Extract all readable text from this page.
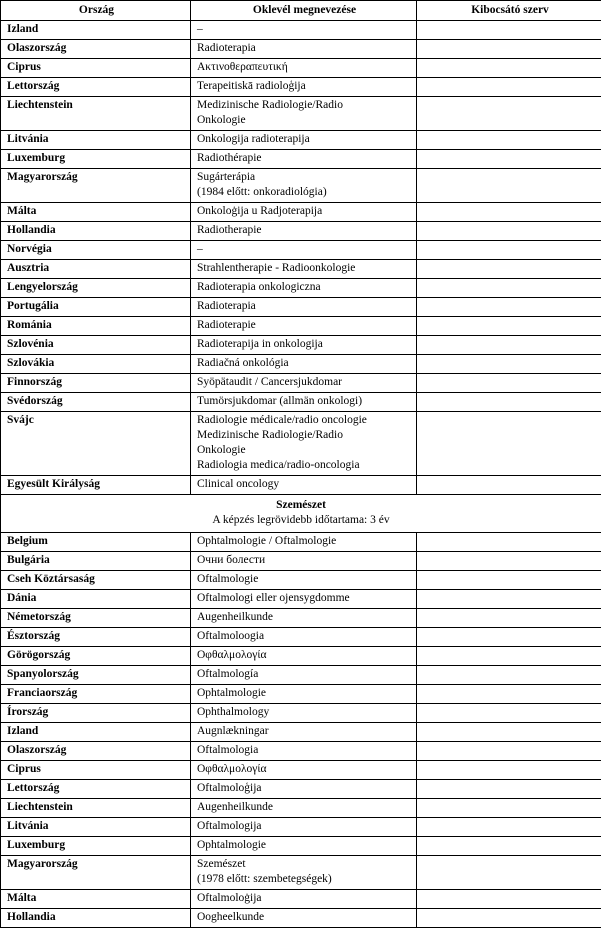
Ország	Oklevél megnevezése	Kibocsátó szerv
Izland	–	

Olaszország	Radioterapia	

Ciprus	Ακτινοθεραπευτική	

Lettország	Terapeitiskā radioloģija	

Liechtenstein	Medizinische Radiologie/Radio
Onkologie	

Litvánia	Onkologija radioterapija	

Luxemburg	Radiothérapie	

Magyarország	Sugárterápia
(1984 előtt: onkoradiológia)	

Málta	Onkoloġija u Radjoterapija	

Hollandia	Radiotherapie	

Norvégia	–	

Ausztria	Strahlentherapie - Radioonkologie	

Lengyelország	Radioterapia onkologiczna	

Portugália	Radioterapia	

Románia	Radioterapie	

Szlovénia	Radioterapija in onkologija	

Szlovákia	Radiačná onkológia	

Finnország	Syöpätaudit / Cancersjukdomar	

Svédország	Tumörsjukdomar (allmän onkologi)	

Svájc	Radiologie médicale/radio oncologie
Medizinische Radiologie/Radio
Onkologie
Radiologia medica/radio-oncologia	

Egyesült Királyság	Clinical oncology	

Szemészet
A képzés legrövidebb időtartama: 3 év		

Belgium	Ophtalmologie / Oftalmologie	

Bulgária	Очни болести	

Cseh Köztársaság	Oftalmologie	

Dánia	Oftalmologi eller ojensygdomme	

Németország	Augenheilkunde	

Észtország	Oftalmoloogia	

Görögország	Οφθαλμολογία	

Spanyolország	Oftalmología	

Franciaország	Ophtalmologie	

Írország	Ophthalmology	

Izland	Augnlækningar	

Olaszország	Oftalmologia	

Ciprus	Οφθαλμολογία	

Lettország	Oftalmoloģija	

Liechtenstein	Augenheilkunde	

Litvánia	Oftalmologija	

Luxemburg	Ophtalmologie	

Magyarország	Szemészet
(1978 előtt: szembetegségek)	

Málta	Oftalmoloġija	

Hollandia	Oogheelkunde	
